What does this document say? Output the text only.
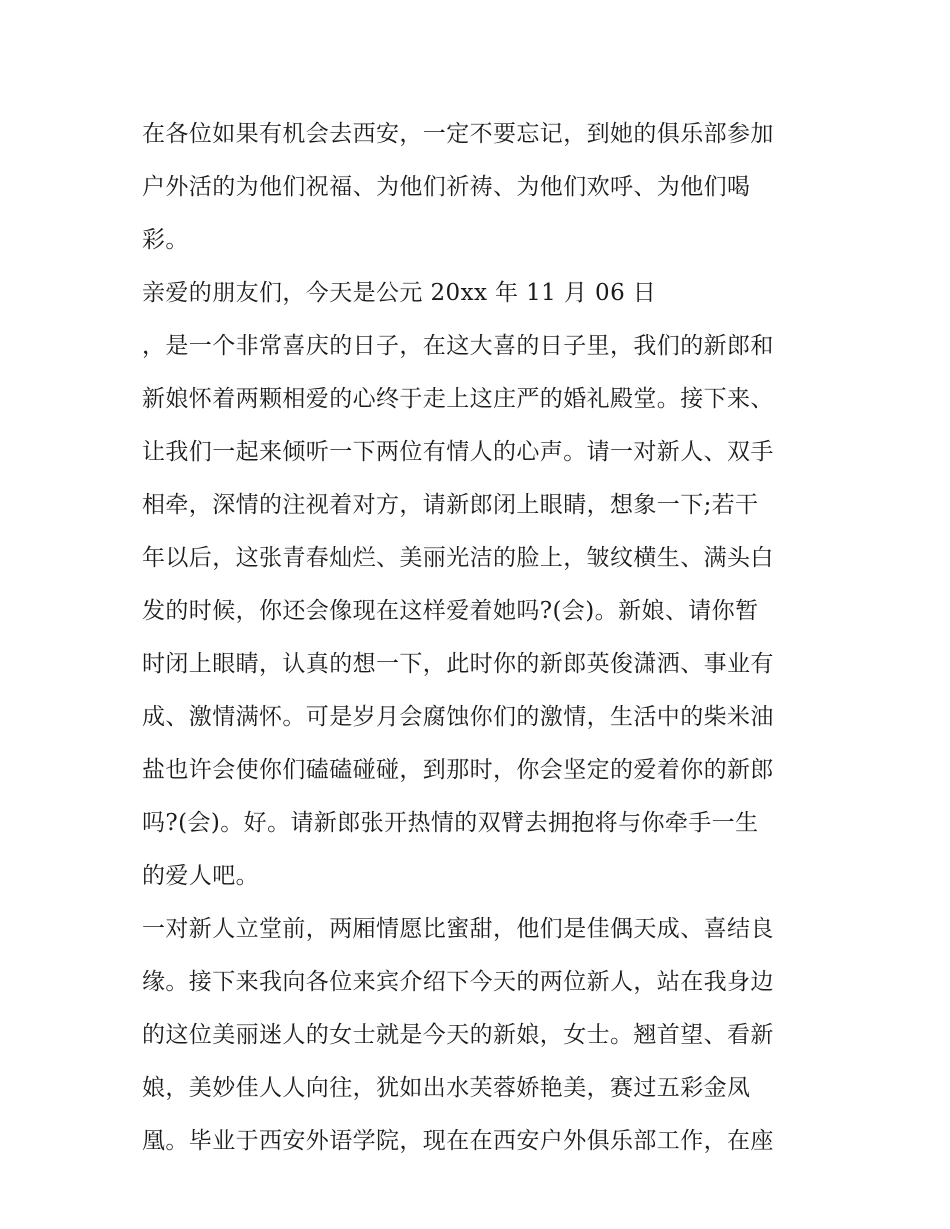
在各位如果有机会去西安，一定不要忘记，到她的俱乐部参加
户外活的为他们祝福、为他们祈祷、为他们欢呼、为他们喝
彩。
亲爱的朋友们，今天是公元 20xx 年 11 月 06 日
，是一个非常喜庆的日子，在这大喜的日子里，我们的新郎和
新娘怀着两颗相爱的心终于走上这庄严的婚礼殿堂。接下来、
让我们一起来倾听一下两位有情人的心声。请一对新人、双手
相牵，深情的注视着对方，请新郎闭上眼睛，想象一下;若干
年以后，这张青春灿烂、美丽光洁的脸上，皱纹横生、满头白
发的时候，你还会像现在这样爱着她吗?(会)。新娘、请你暂
时闭上眼睛，认真的想一下，此时你的新郎英俊潇洒、事业有
成、激情满怀。可是岁月会腐蚀你们的激情，生活中的柴米油
盐也许会使你们磕磕碰碰，到那时，你会坚定的爱着你的新郎
吗?(会)。好。请新郎张开热情的双臂去拥抱将与你牵手一生
的爱人吧。
一对新人立堂前，两厢情愿比蜜甜，他们是佳偶天成、喜结良
缘。接下来我向各位来宾介绍下今天的两位新人，站在我身边
的这位美丽迷人的女士就是今天的新娘，女士。翘首望、看新
娘，美妙佳人人向往，犹如出水芙蓉娇艳美，赛过五彩金凤
凰。毕业于西安外语学院，现在在西安户外俱乐部工作，在座
